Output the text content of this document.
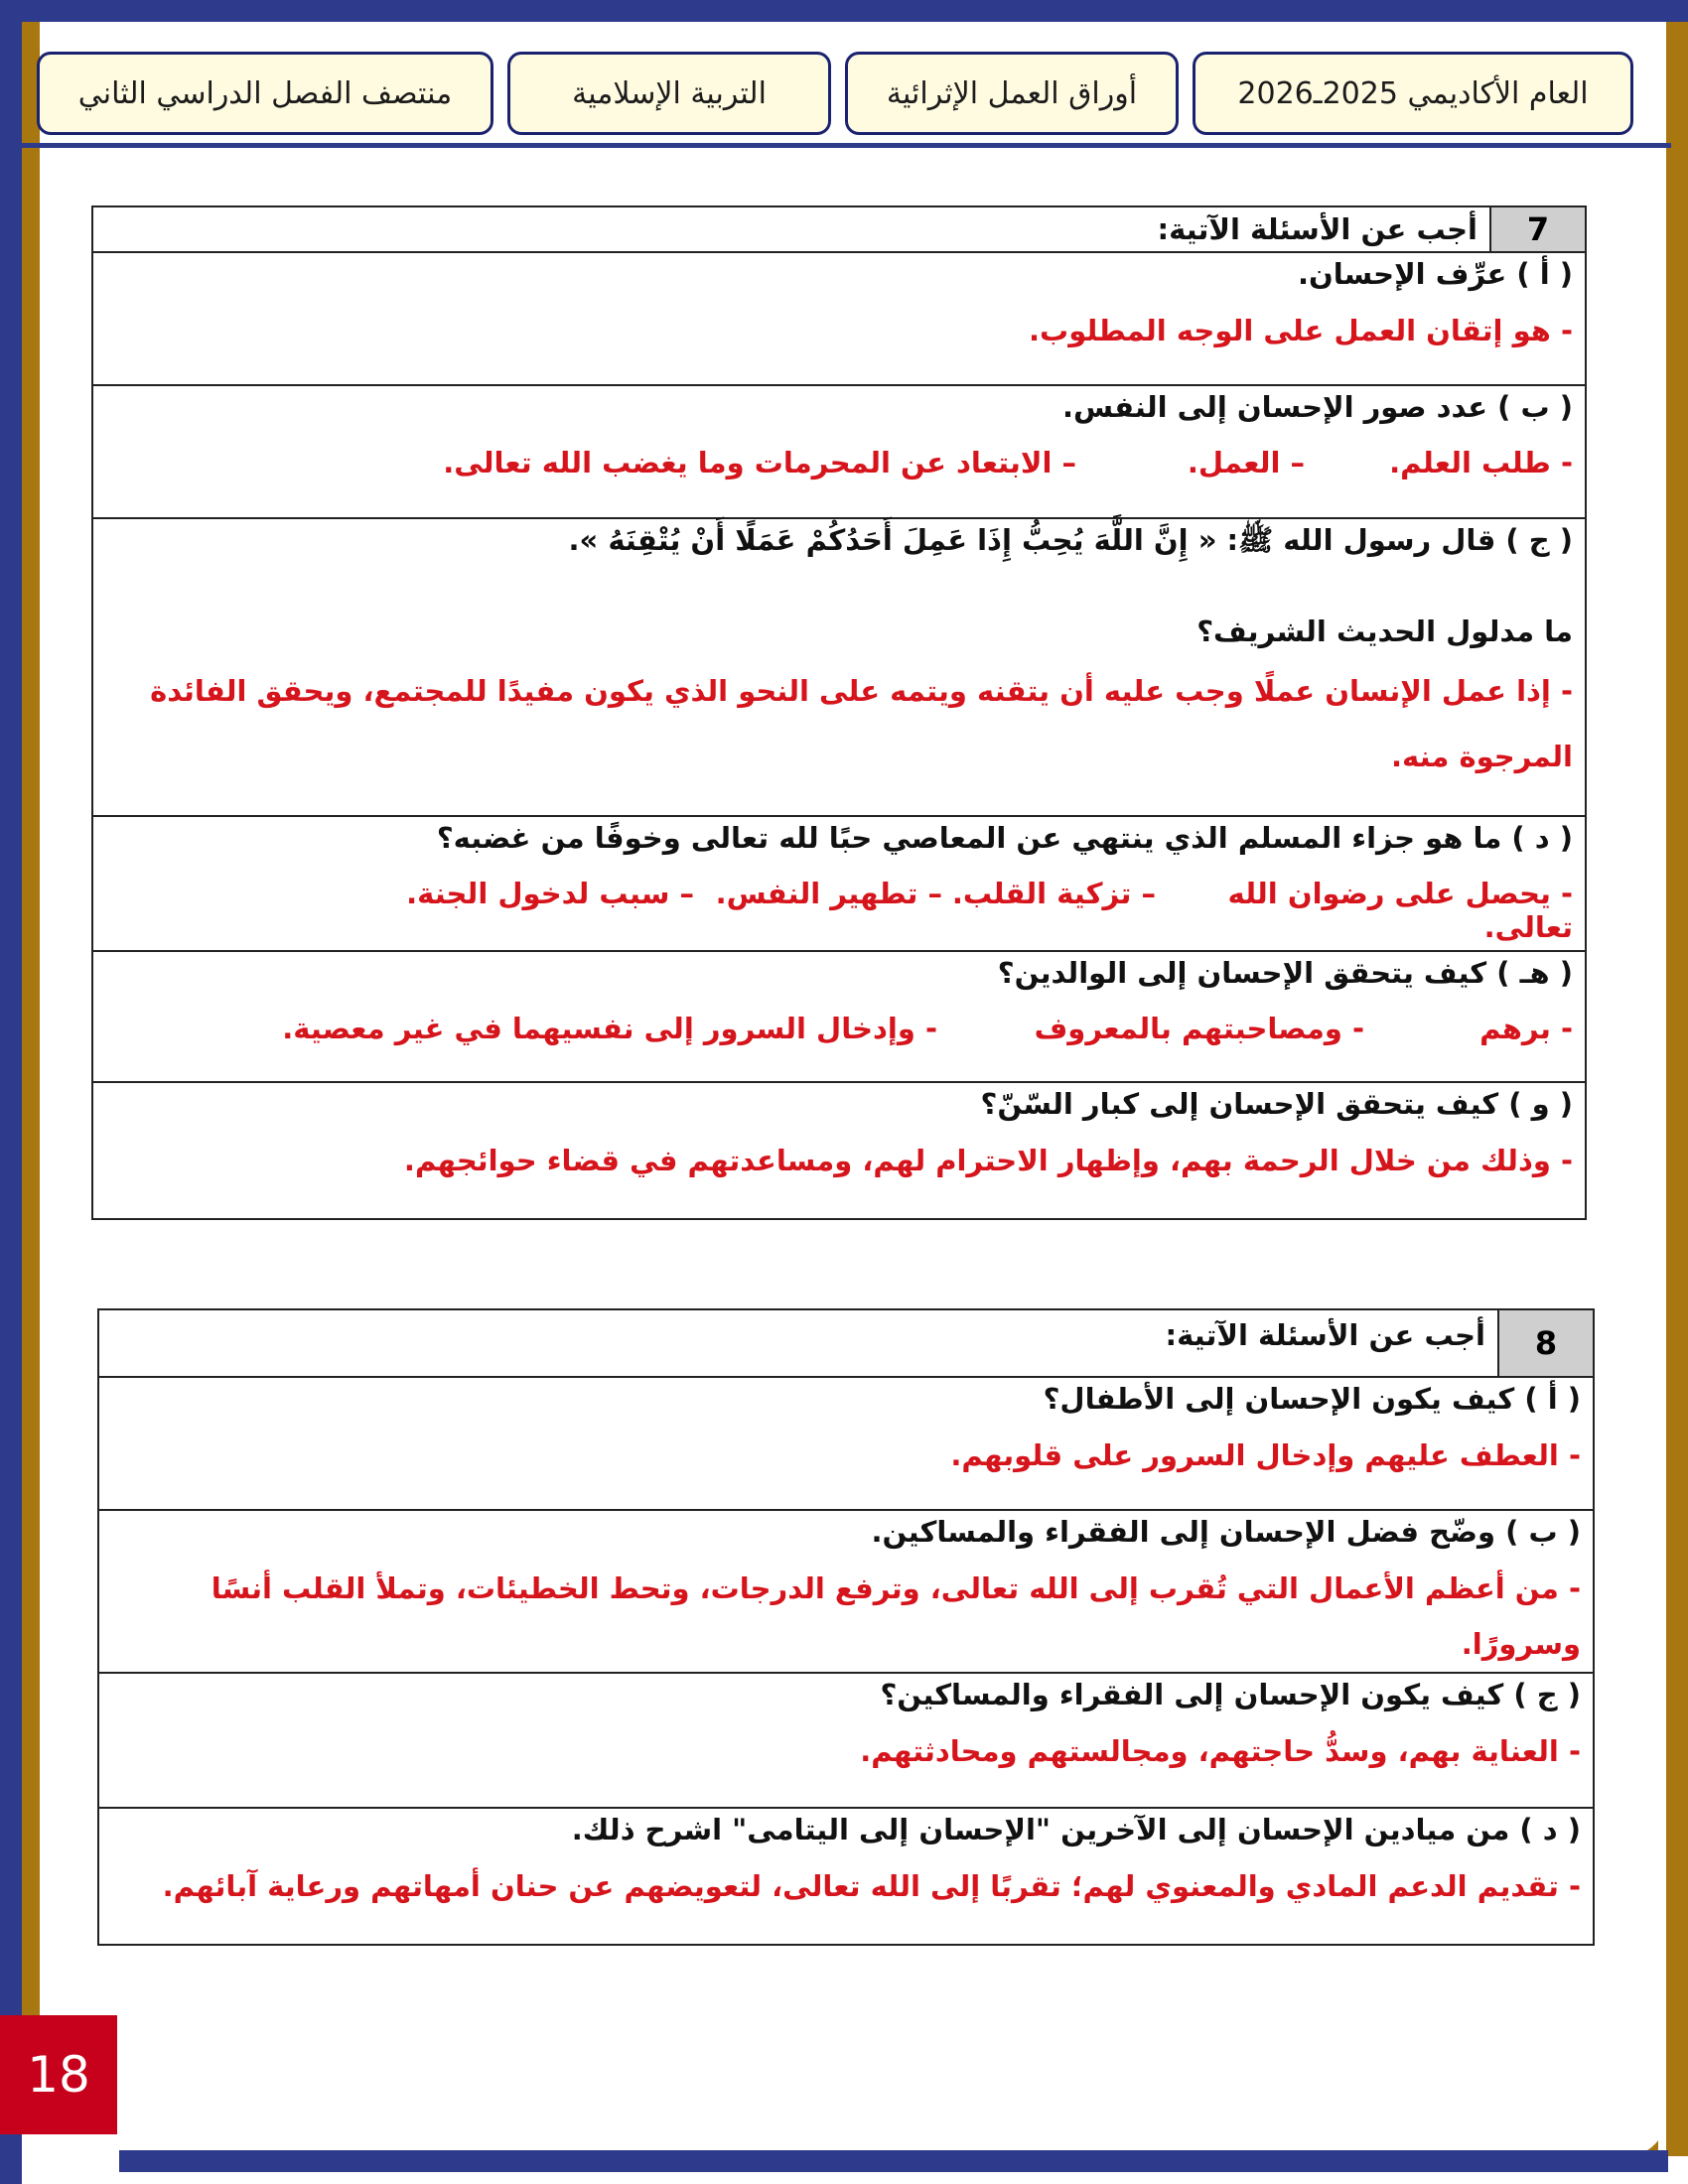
العام الأكاديمي 2025ـ2026
أوراق العمل الإثرائية
التربية الإسلامية
منتصف الفصل الدراسي الثاني
7	أجب عن الأسئلة الآتية:

( أ ) عرِّف الإحسان.
- هو إتقان العمل على الوجه المطلوب.

( ب ) عدد صور الإحسان إلى النفس.
- طلب العلم.
– العمل.
– الابتعاد عن المحرمات وما يغضب الله تعالى.

( ج ) قال رسول الله ﷺ: « إِنَّ اللَّهَ يُحِبُّ إِذَا عَمِلَ أَحَدُكُمْ عَمَلًا أَنْ يُتْقِنَهُ ».
ما مدلول الحديث الشريف؟
- إذا عمل الإنسان عملًا وجب عليه أن يتقنه ويتمه على النحو الذي يكون مفيدًا للمجتمع، ويحقق الفائدة المرجوة منه.

( د ) ما هو جزاء المسلم الذي ينتهي عن المعاصي حبًا لله تعالى وخوفًا من غضبه؟
- يحصل على رضوان الله تعالى.
– تزكية القلب.
– تطهير النفس.
– سبب لدخول الجنة.

( هـ ) كيف يتحقق الإحسان إلى الوالدين؟
- برهم
- ومصاحبتهم بالمعروف
- وإدخال السرور إلى نفسيهما في غير معصية.

( و ) كيف يتحقق الإحسان إلى كبار السّنّ؟
- وذلك من خلال الرحمة بهم، وإظهار الاحترام لهم، ومساعدتهم في قضاء حوائجهم.
8	أجب عن الأسئلة الآتية:

( أ ) كيف يكون الإحسان إلى الأطفال؟
- العطف عليهم وإدخال السرور على قلوبهم.

( ب ) وضّح فضل الإحسان إلى الفقراء والمساكين.
- من أعظم الأعمال التي تُقرب إلى الله تعالى، وترفع الدرجات، وتحط الخطيئات، وتملأ القلب أنسًا وسرورًا.

( ج ) كيف يكون الإحسان إلى الفقراء والمساكين؟
- العناية بهم، وسدُّ حاجتهم، ومجالستهم ومحادثتهم.

( د ) من ميادين الإحسان إلى الآخرين "الإحسان إلى اليتامى" اشرح ذلك.
- تقديم الدعم المادي والمعنوي لهم؛ تقربًا إلى الله تعالى، لتعويضهم عن حنان أمهاتهم ورعاية آبائهم.
18
